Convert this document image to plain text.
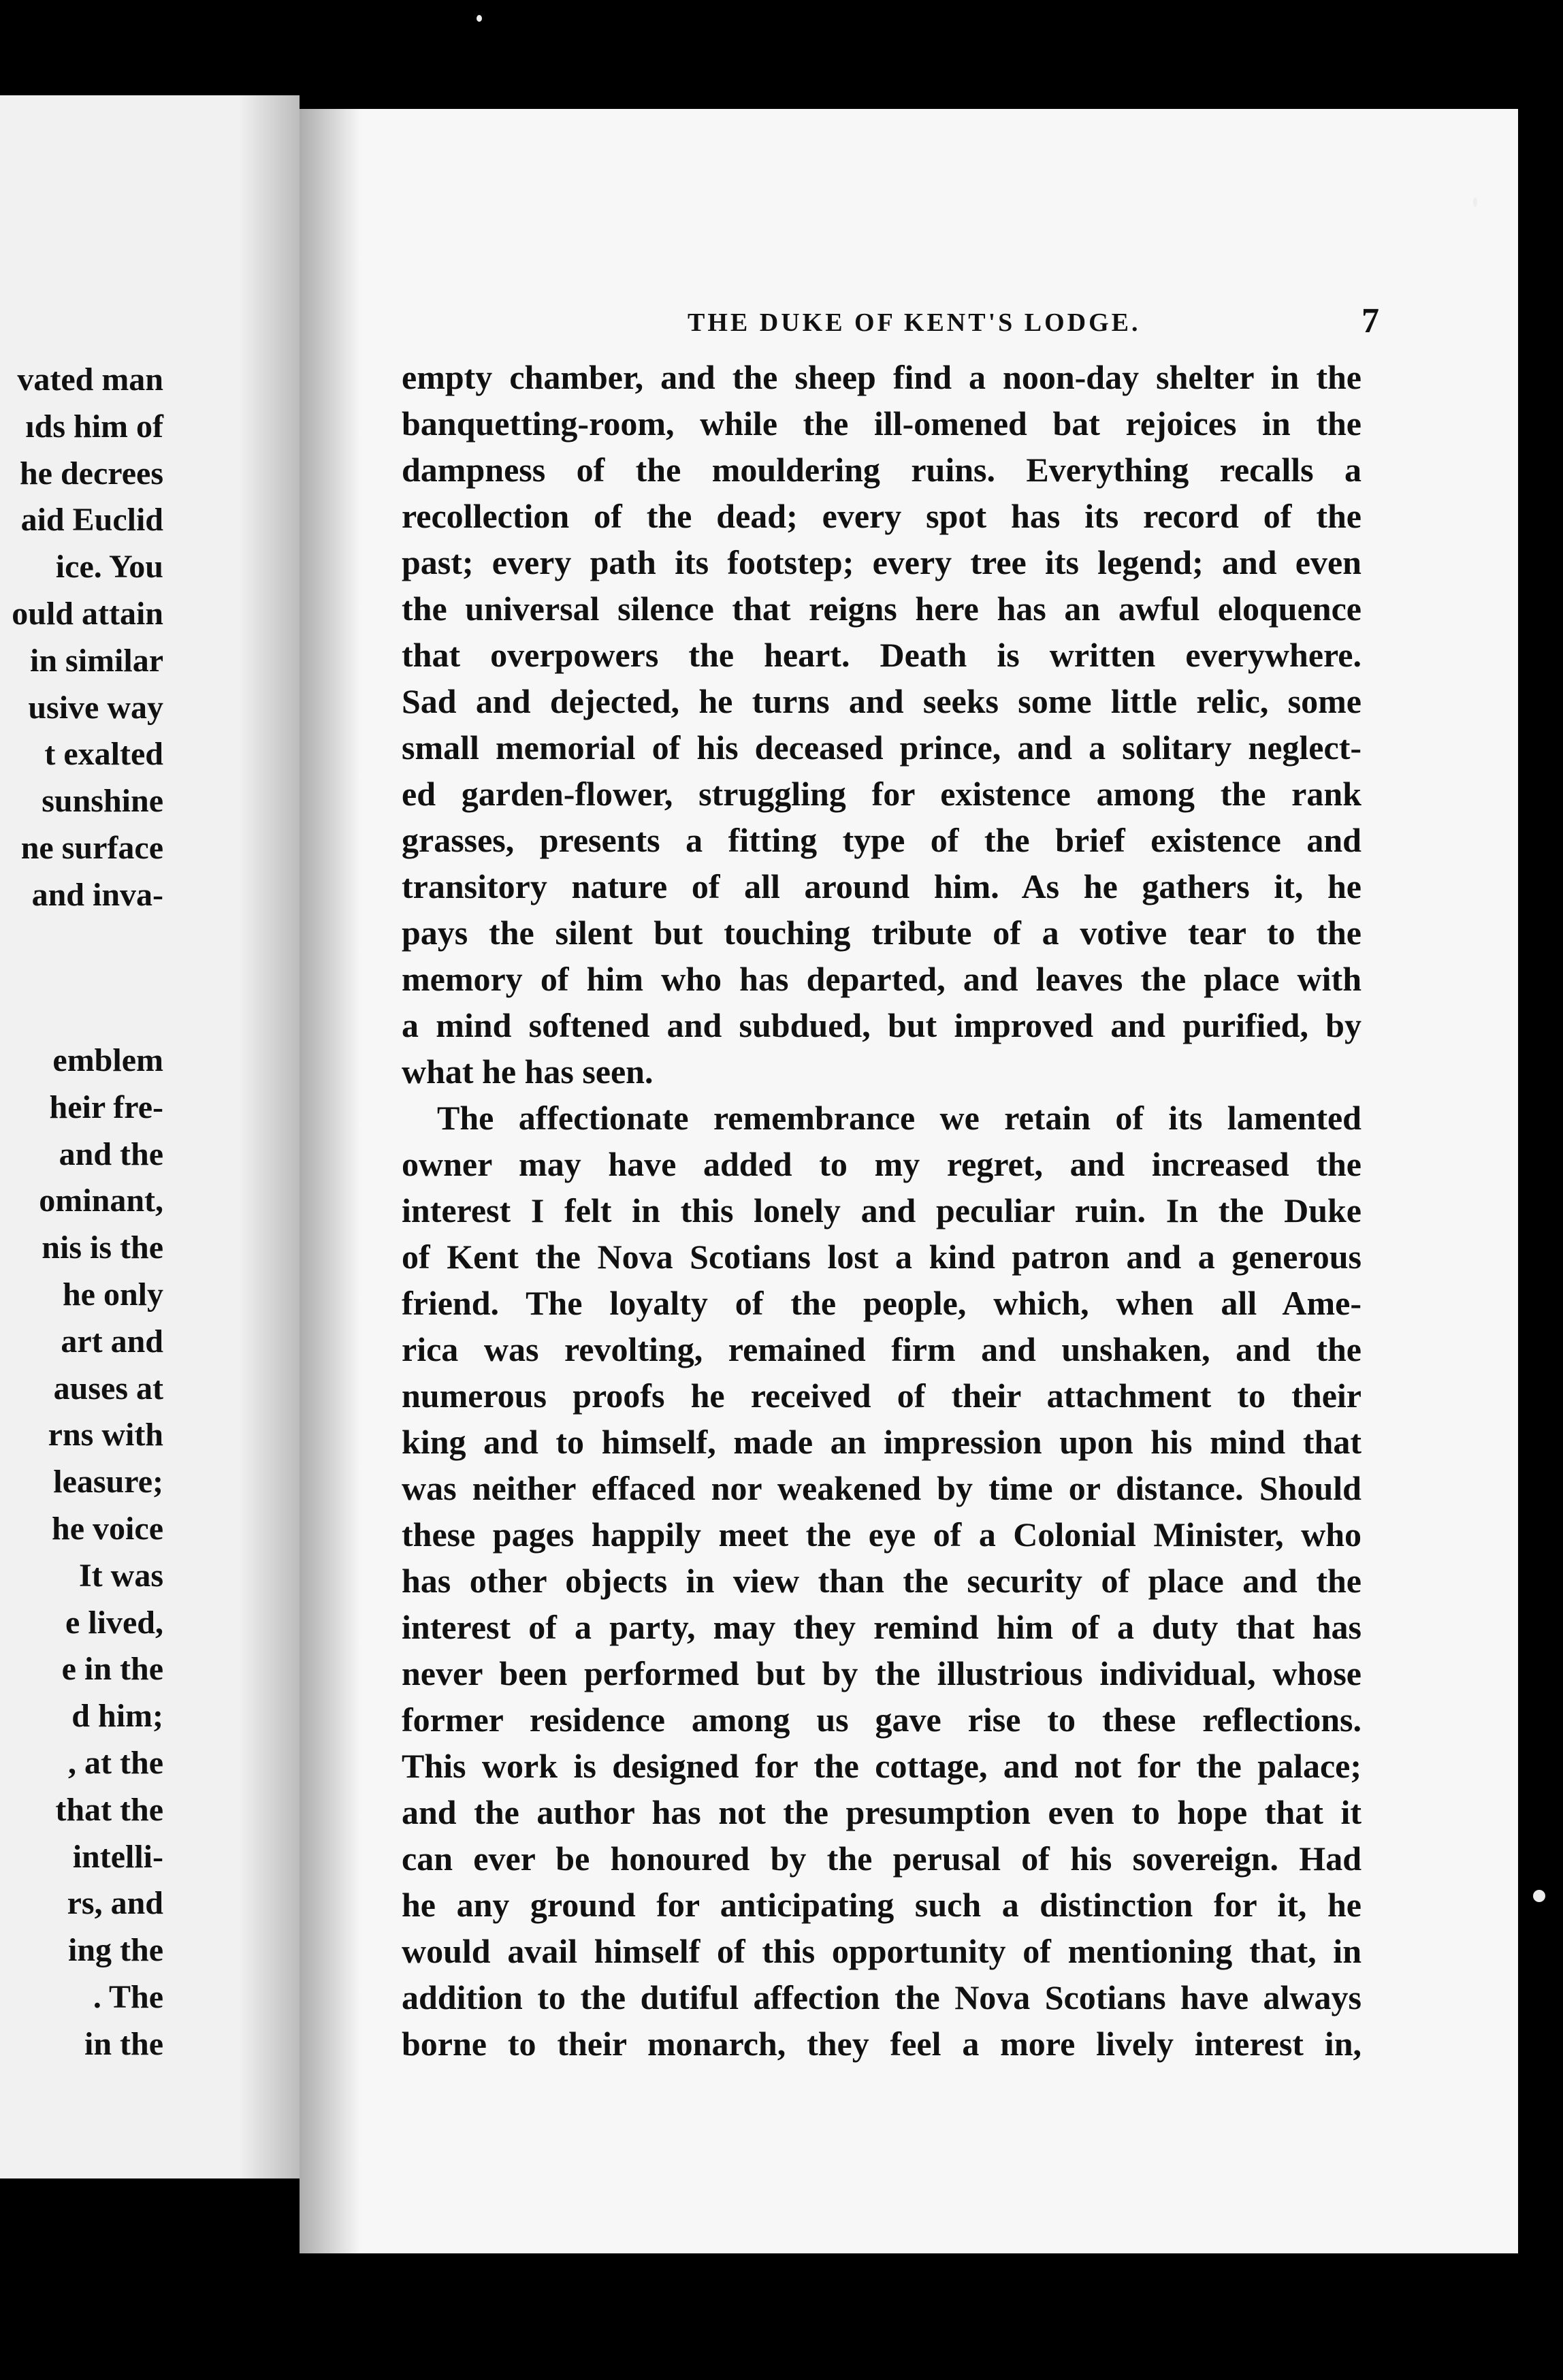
vated man

ıds him of

he decrees

aid Euclid

ice. You

ould attain

in similar

usive way

t exalted

sunshine

ne surface

and inva-

emblem

heir fre-

and the

ominant,

nis is the

he only

art and

auses at

rns with

leasure;

he voice

It was

e lived,

e in the

d him;

, at the

that the

intelli-

rs, and

ing the

. The

in the

THE DUKE OF KENT'S LODGE.	7

empty chamber, and the sheep find a noon-day shelter in the

banquetting-room, while the ill-omened bat rejoices in the

dampness of the mouldering ruins. Everything recalls a

recollection of the dead; every spot has its record of the

past; every path its footstep; every tree its legend; and even

the universal silence that reigns here has an awful eloquence

that overpowers the heart. Death is written everywhere.

Sad and dejected, he turns and seeks some little relic, some

small memorial of his deceased prince, and a solitary neglect-

ed garden-flower, struggling for existence among the rank

grasses, presents a fitting type of the brief existence and

transitory nature of all around him. As he gathers it, he

pays the silent but touching tribute of a votive tear to the

memory of him who has departed, and leaves the place with

a mind softened and subdued, but improved and purified, by

what he has seen.

The affectionate remembrance we retain of its lamented

owner may have added to my regret, and increased the

interest I felt in this lonely and peculiar ruin. In the Duke

of Kent the Nova Scotians lost a kind patron and a generous

friend. The loyalty of the people, which, when all Ame-

rica was revolting, remained firm and unshaken, and the

numerous proofs he received of their attachment to their

king and to himself, made an impression upon his mind that

was neither effaced nor weakened by time or distance. Should

these pages happily meet the eye of a Colonial Minister, who

has other objects in view than the security of place and the

interest of a party, may they remind him of a duty that has

never been performed but by the illustrious individual, whose

former residence among us gave rise to these reflections.

This work is designed for the cottage, and not for the palace;

and the author has not the presumption even to hope that it

can ever be honoured by the perusal of his sovereign. Had

he any ground for anticipating such a distinction for it, he

would avail himself of this opportunity of mentioning that, in

addition to the dutiful affection the Nova Scotians have always

borne to their monarch, they feel a more lively interest in,
